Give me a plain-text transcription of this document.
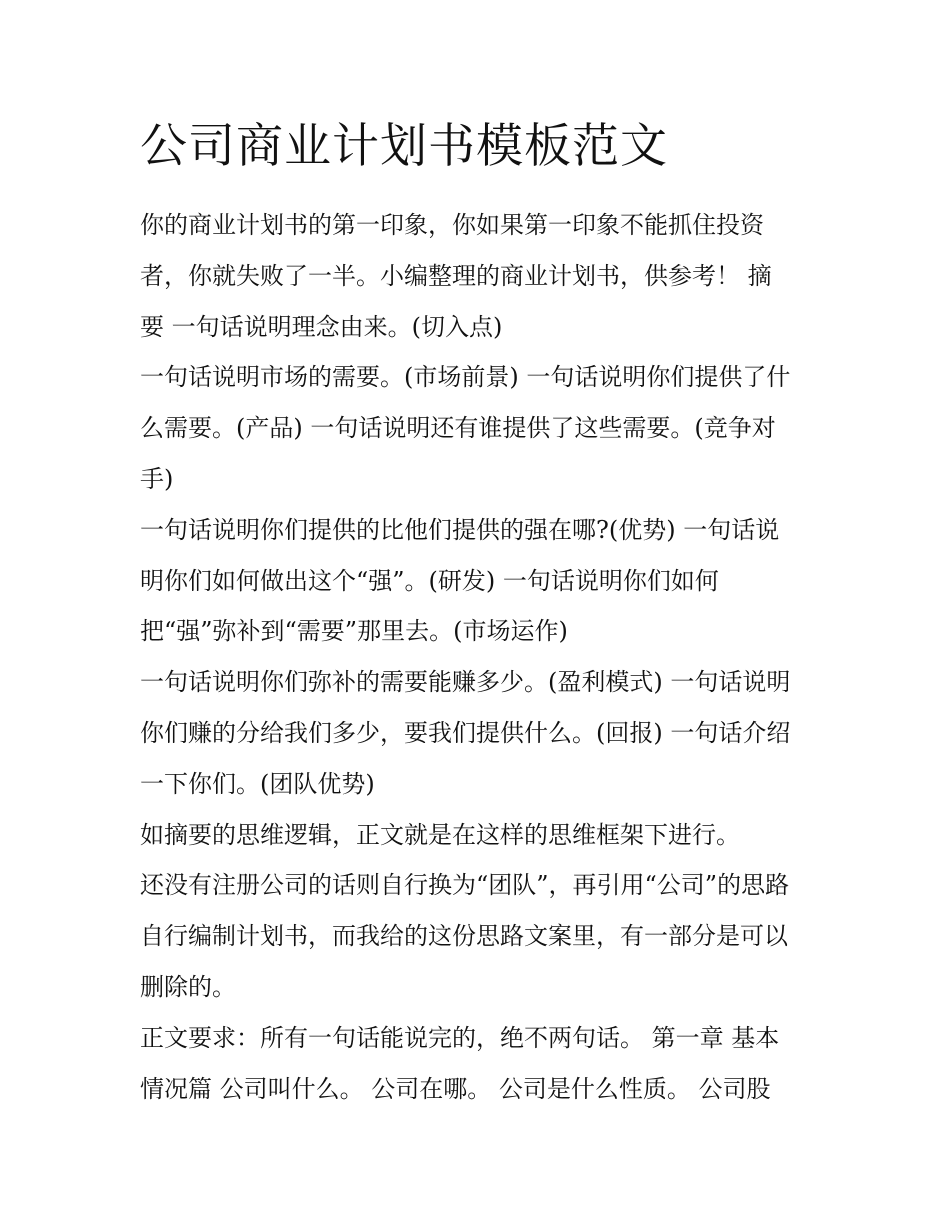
公司商业计划书模板范文

你的商业计划书的第一印象，你如果第一印象不能抓住投资

者，你就失败了一半。小编整理的商业计划书，供参考！ 摘

要 一句话说明理念由来。(切入点)

一句话说明市场的需要。(市场前景) 一句话说明你们提供了什

么需要。(产品) 一句话说明还有谁提供了这些需要。(竞争对

手)

一句话说明你们提供的比他们提供的强在哪?(优势) 一句话说

明你们如何做出这个“强”。(研发) 一句话说明你们如何

把“强”弥补到“需要”那里去。(市场运作)

一句话说明你们弥补的需要能赚多少。(盈利模式) 一句话说明

你们赚的分给我们多少，要我们提供什么。(回报) 一句话介绍

一下你们。(团队优势)

如摘要的思维逻辑，正文就是在这样的思维框架下进行。

还没有注册公司的话则自行换为“团队”，再引用“公司”的思路

自行编制计划书，而我给的这份思路文案里，有一部分是可以

删除的。

正文要求：所有一句话能说完的，绝不两句话。 第一章 基本

情况篇 公司叫什么。 公司在哪。 公司是什么性质。 公司股
